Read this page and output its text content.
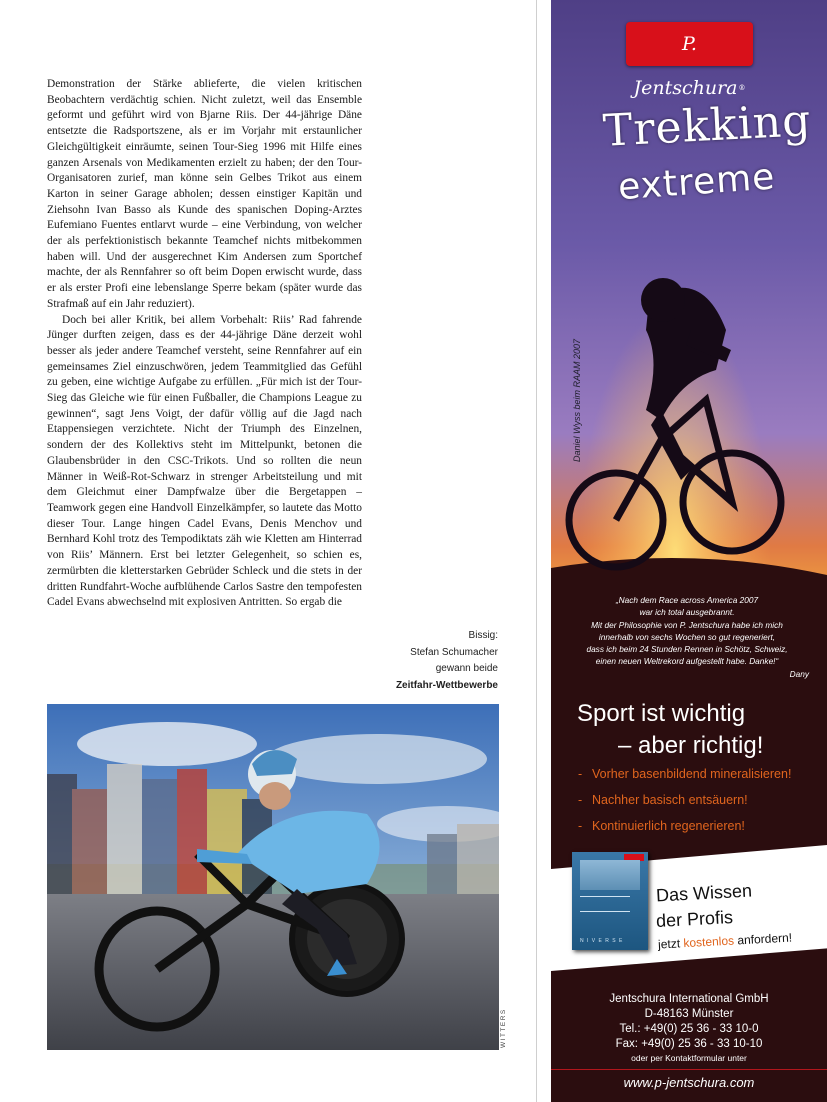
Demonstration der Stärke ablieferte, die vielen kritischen Beobachtern verdächtig schien. Nicht zuletzt, weil das Ensemble geformt und geführt wird von Bjarne Riis. Der 44-jährige Däne entsetzte die Radsportszene, als er im Vorjahr mit erstaunlicher Gleichgültigkeit einräumte, seinen Tour-Sieg 1996 mit Hilfe eines ganzen Arsenals von Medikamenten erzielt zu haben; der den Tour-Organisatoren zurief, man könne sein Gelbes Trikot aus einem Karton in seiner Garage abholen; dessen einstiger Kapitän und Ziehsohn Ivan Basso als Kunde des spanischen Doping-Arztes Eufemiano Fuentes entlarvt wurde – eine Verbindung, von welcher der als perfektionistisch bekannte Teamchef nichts mitbekommen haben will. Und der ausgerechnet Kim Andersen zum Sportchef machte, der als Rennfahrer so oft beim Dopen erwischt wurde, dass er als erster Profi eine lebenslange Sperre bekam (später wurde das Strafmaß auf ein Jahr reduziert).

Doch bei aller Kritik, bei allem Vorbehalt: Riis’ Rad fahrende Jünger durften zeigen, dass es der 44-jährige Däne derzeit wohl besser als jeder andere Teamchef versteht, seine Rennfahrer auf ein gemeinsames Ziel einzuschwören, jedem Teammitglied das Gefühl zu geben, eine wichtige Aufgabe zu erfüllen. „Für mich ist der Tour-Sieg das Gleiche wie für einen Fußballer, die Champions League zu gewinnen“, sagt Jens Voigt, der dafür völlig auf die Jagd nach Etappensiegen verzichtete. Nicht der Triumph des Einzelnen, sondern der des Kollektivs steht im Mittelpunkt, betonen die Glaubensbrüder in den CSC-Trikots. Und so rollten die neun Männer in Weiß-Rot-Schwarz in strenger Arbeitsteilung und mit dem Gleichmut einer Dampfwalze über die Bergetappen – Teamwork gegen eine Handvoll Einzelkämpfer, so lautete das Motto dieser Tour. Lange hingen Cadel Evans, Denis Menchov und Bernhard Kohl trotz des Tempodiktats zäh wie Kletten am Hinterrad von Riis’ Männern. Erst bei letzter Gelegenheit, so schien es, zermürbten die kletterstarken Gebrüder Schleck und die stets in der dritten Rundfahrt-Woche aufblühende Carlos Sastre den tempofesten Cadel Evans abwechselnd mit explosiven Antritten. So ergab die

Bissig:
Stefan Schumacher
gewann beide
Zeitfahr-Wettbewerbe
WITTERS
P. Jentschura®
Trekking
extreme
Daniel Wyss beim RAAM 2007
„Nach dem Race across America 2007
war ich total ausgebrannt.
Mit der Philosophie von P. Jentschura habe ich mich
innerhalb von sechs Wochen so gut regeneriert,
dass ich beim 24 Stunden Rennen in Schötz, Schweiz,
einen neuen Weltrekord aufgestellt habe. Danke!“
Dany
Sport ist wichtig
– aber richtig!
- Vorher basenbildend mineralisieren!
- Nachher basisch entsäuern!
- Kontinuierlich regenerieren!
N I V E R S E
Das Wissen
der Profis
jetzt kostenlos anfordern!
Jentschura International GmbH
D-48163 Münster
Tel.: +49(0) 25 36 - 33 10-0
Fax: +49(0) 25 36 - 33 10-10
oder per Kontaktformular unter
www.p-jentschura.com
